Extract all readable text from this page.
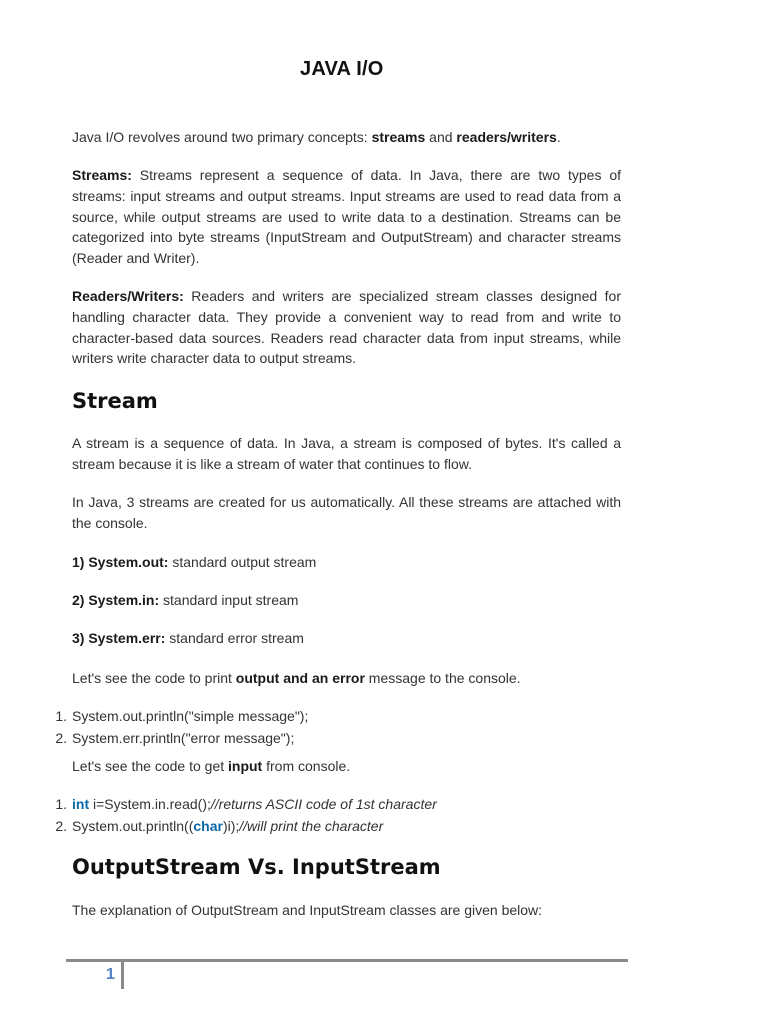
JAVA I/O

Java I/O revolves around two primary concepts: streams and readers/writers.

Streams: Streams represent a sequence of data. In Java, there are two types of streams: input streams and output streams. Input streams are used to read data from a source, while output streams are used to write data to a destination. Streams can be categorized into byte streams (InputStream and OutputStream) and character streams (Reader and Writer).

Readers/Writers: Readers and writers are specialized stream classes designed for handling character data. They provide a convenient way to read from and write to character-based data sources. Readers read character data from input streams, while writers write character data to output streams.

Stream

A stream is a sequence of data. In Java, a stream is composed of bytes. It's called a stream because it is like a stream of water that continues to flow.

In Java, 3 streams are created for us automatically. All these streams are attached with the console.

1) System.out: standard output stream

2) System.in: standard input stream

3) System.err: standard error stream

Let's see the code to print output and an error message to the console.

1. System.out.println("simple message");
2. System.err.println("error message");

Let's see the code to get input from console.

1. int i=System.in.read();//returns ASCII code of 1st character
2. System.out.println((char)i);//will print the character
OutputStream Vs. InputStream

The explanation of OutputStream and InputStream classes are given below:

1
